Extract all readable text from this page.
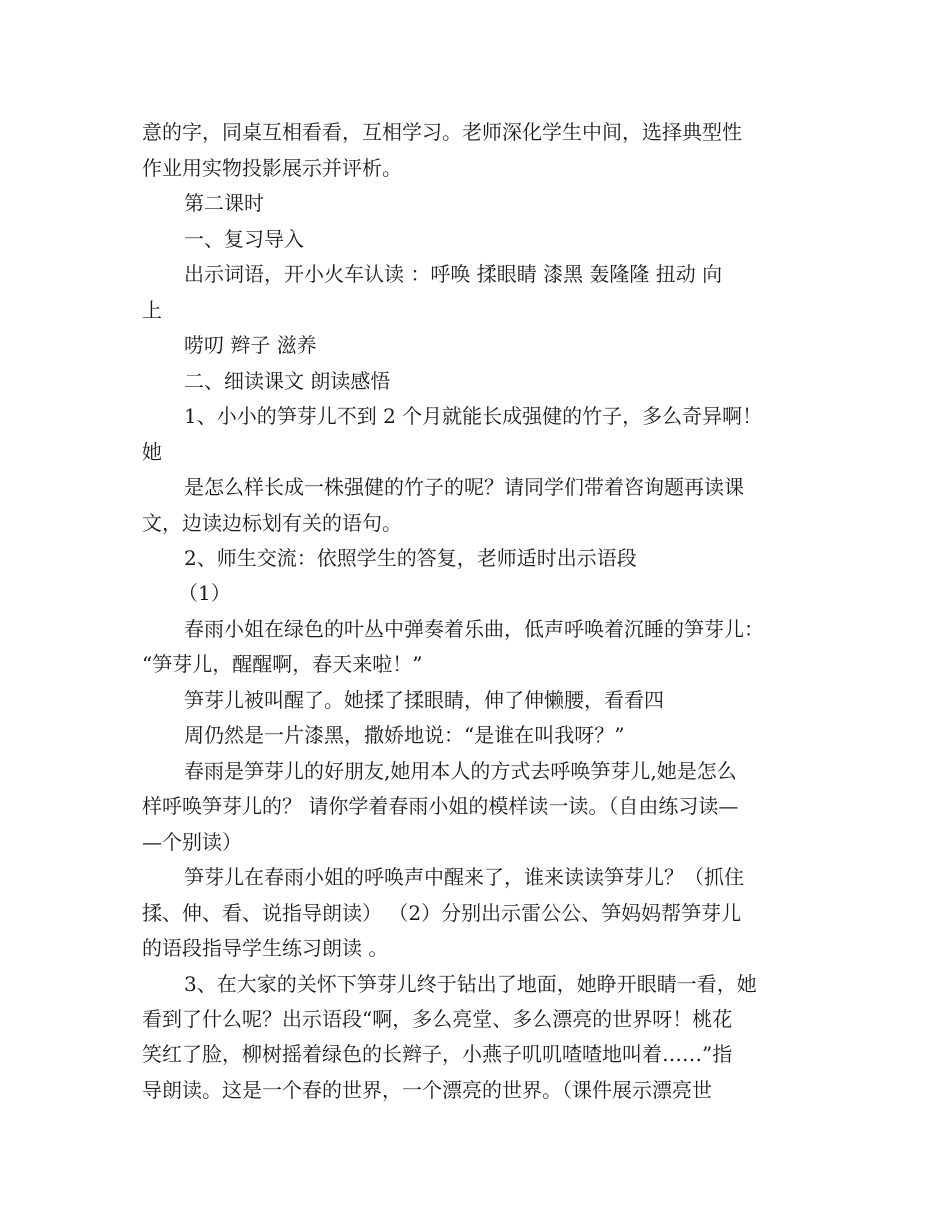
意的字，同桌互相看看，互相学习。老师深化学生中间，选择典型性
作业用实物投影展示并评析。
第二课时
一、复习导入
出示词语，开小火车认读 ：呼唤 揉眼睛 漆黑 轰隆隆 扭动 向
上
唠叨 辫子 滋养
二、细读课文 朗读感悟
1、小小的笋芽儿不到 2 个月就能长成强健的竹子，多么奇异啊！
她
是怎么样长成一株强健的竹子的呢？请同学们带着咨询题再读课
文，边读边标划有关的语句。
2、师生交流：依照学生的答复，老师适时出示语段
（1）
春雨小姐在绿色的叶丛中弹奏着乐曲，低声呼唤着沉睡的笋芽儿：
“笋芽儿，醒醒啊，春天来啦！”
笋芽儿被叫醒了。她揉了揉眼睛，伸了伸懒腰，看看四
周仍然是一片漆黑，撒娇地说：“是谁在叫我呀？”
春雨是笋芽儿的好朋友,她用本人的方式去呼唤笋芽儿,她是怎么
样呼唤笋芽儿的？ 请你学着春雨小姐的模样读一读。（自由练习读—
—个别读）
笋芽儿在春雨小姐的呼唤声中醒来了，谁来读读笋芽儿？（抓住
揉、伸、看、说指导朗读） （2）分别出示雷公公、笋妈妈帮笋芽儿
的语段指导学生练习朗读 。
3、在大家的关怀下笋芽儿终于钻出了地面，她睁开眼睛一看，她
看到了什么呢？出示语段“啊，多么亮堂、多么漂亮的世界呀！桃花
笑红了脸，柳树摇着绿色的长辫子，小燕子叽叽喳喳地叫着……”指
导朗读。这是一个春的世界，一个漂亮的世界。（课件展示漂亮世
